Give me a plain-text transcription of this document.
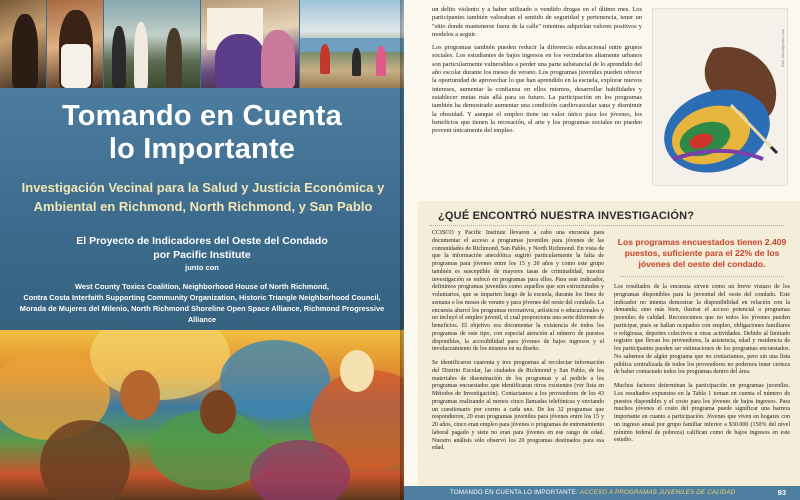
Tomando en Cuenta
lo Importante
Investigación Vecinal para la Salud y Justicia Económica y Ambiental en Richmond, North Richmond, y San Pablo
El Proyecto de Indicadores del Oeste del Condado
por Pacific Institute
junto con
West County Toxics Coalition, Neighborhood House of North Richmond,
Contra Costa Interfaith Supporting Community Organization, Historic Triangle Neighborhood Council,
Morada de Mujeres del Milenio, North Richmond Shoreline Open Space Alliance, Richmond Progressive Alliance

un delito violento y a haber utilizado o vendido drogas en el último mes. Los participantes también valoraban el sentido de seguridad y pertenencia, tener un "sitio donde mantenerse fuera de la calle" mientras adquirían valores positivos y modelos a seguir.

Los programas también pueden reducir la diferencia educacional entre grupos sociales. Los estudiantes de bajos ingresos en los vecindarios altamente urbanos son particularmente vulnerables a perder una parte substancial de lo aprendido del año escolar durante los meses de verano. Los programas juveniles pueden ofrecer la oportunidad de aprovechar lo que han aprendido en la escuela, explorar nuevos intereses, aumentar la confianza en ellos mismos, desarrollar habilidades y establecer metas más allá para su futuro. La participación en los programas también ha demostrado aumentar una condición cardiovascular sana y disminuir la obesidad. Y aunque el empleo tiene un valor único para los jóvenes, los beneficios que tienen la recreación, el arte y los programas sociales no pueden proveni únicamente del empleo.

foto: istockphoto.com
¿QUÉ ENCONTRÓ NUESTRA INVESTIGACIÓN?

CCISCO y Pacific Institute llevaron a cabo una encuesta para documentar el acceso a programas juveniles para jóvenes de las comunidades de Richmond, San Pablo, y North Richmond. En vista de que la información anecdótica sugirió particularmente la falta de programas para jóvenes entre los 15 y 20 años y como este grupo también es susceptible de mayores tasas de criminalidad, nuestra investigación se enfocó en programas para ellos. Para este indicador, definimos programas juveniles como aquellos que son estructurados y voluntarios, que se imparten luego de la escuela, durante los fines de semana o los meses de verano y para jóvenes del oeste del condado. La encuesta abarcó los programas recreativos, artísticos o educacionales y no incluyó el empleo juvenil, el cual proporciona una serie diferente de beneficios. El objetivo era documentar la existencia de todos los programas de este tipo, con especial atención al número de puestos disponibles, la accesibilidad para jóvenes de bajos ingresos y el involucramiento de los mismos en su diseño.

Se identificaron cuarenta y tres programas al recolectar información del Distrito Escolar, las ciudades de Richmond y San Pablo, de los materiales de diseminación de los programas y al pedirle a los programas encuestados que identificaran otros existentes (ver lista en Métodos de Investigación). Contactamos a los proveedores de los 43 programas realizando al menos cinco llamadas telefónicas y enviando un cuestionario por correo a cada uno. De los 32 programas que respondieron, 20 eran programas juveniles para jóvenes entre los 15 y 20 años, cinco eran empleo para jóvenes o programas de entrenamiento laboral pagado y siete no eran para jóvenes en ese rango de edad. Nuestro análisis sólo observó los 20 programas destinados para esa edad.

Los programas encuestados tienen 2.409 puestos, suficiente para el 22% de los jóvenes del oeste del condado.

Los resultados de la encuesta sirven como un breve vistazo de los programas disponibles para la juventud del oeste del condado. Este indicador no intenta demostrar la disponibilidad en relación con la demanda; sino más bien, ilustrar el acceso potencial a programas juveniles de calidad. Reconocemos que no todos los jóvenes pueden participar, pues se hallan ocupados con empleo, obligaciones familiares o religiosas, deportes colectivos u otras actividades. Debido al limitado registro que llevan los proveedores, la asistencia, edad y residencia de los participantes pueden ser estimaciones de los programas encuestados. No sabemos de algún programa que no contactamos, pero sin una lista pública centralizada de todos los proveedores no podemos tener certeza de haber contactado todos los programas dentro del área.

Muchos factores determinan la participación en programas juveniles. Los resultados expuestos en la Tabla 1 toman en cuenta el número de puestos disponibles y el costo para los jóvenes de bajos ingresos. Para muchos jóvenes el costo del programa puede significar una barrera importante en cuanto a participación. Jóvenes que viven en hogares con un ingreso anual por grupo familiar inferior a $30.000 (150% del nivel mínimo federal de pobreza) califican como de bajos ingresos en este estudio.

TOMANDO EN CUENTA LO IMPORTANTE: ACCESO A PROGRAMAS JUVENILES DE CALIDAD	93
